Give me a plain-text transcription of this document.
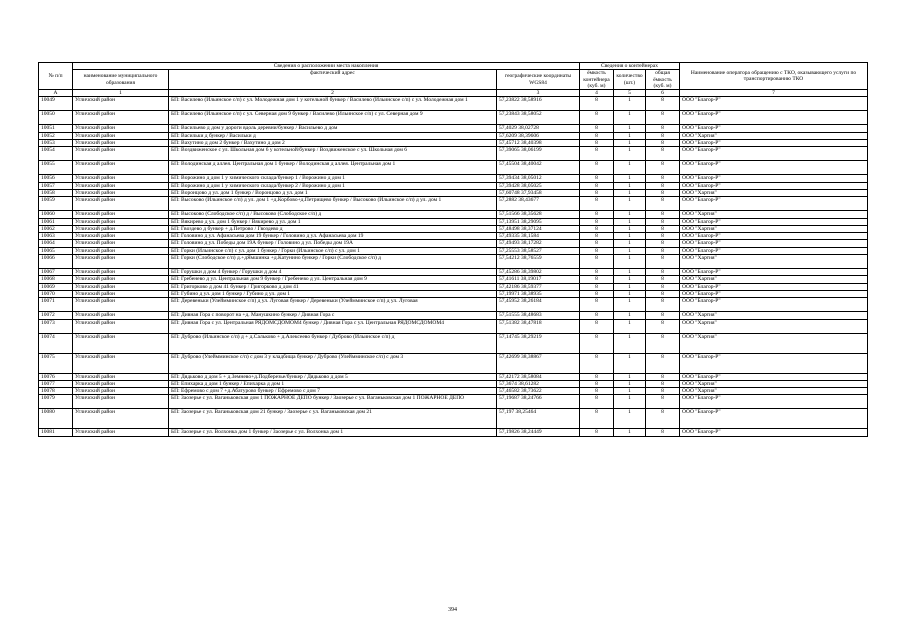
№ п/п	Сведения о расположении места накопления			Сведения о контейнерах			Наименование оператора обращению с ТКО, оказывающего услуги по транспортированию ТКО
	наименование муниципального образования	фактический адрес	географические координаты WGS84	ёмкость контейнера (куб. м)	количество (шт.)	общая ёмкость (куб. м)	
A	1	2	3	4	5	6	7
10049	Угличский район	БП: Василево (Ильинское с/п) с ул. Молодежная дом 1 у котельной бункер / Василево (Ильинское с/п) с ул. Молодежная дом 1	57,23822 38,58916	8	1	8	ООО "Благор-Р"
10050	Угличский район	БП: Василево (Ильинское с/п) с ул. Северная дом 9 бункер / Василево (Ильинское с/п) с ул. Северная дом 9	57,23843 38,58052	8	1	8	ООО "Благор-Р"
10051	Угличский район	БП: Васильево д дом у дороги вдоль деревни/бункер / Васильево д дом	57,4029 38,02728	8	1	8	ООО "Благор-Р"
10052	Угличский район	БП: Васильки д бункер / Васильки д	57,6209 38,39606	8	1	8	ООО "Хартия"
10053	Угличский район	БП: Вахутино д дом 2 бункер / Вахутино д дом 2	57,45712 38,40398	8	1	8	ООО "Благор-Р"
10054	Угличский район	БП: Воздвиженское с ул. Школьная дом 6 у котельной/бункер / Воздвиженское с ул. Школьная дом 6	57,39065 38,06199	8	1	8	ООО "Благор-Р"
10055	Угличский район	БП: Володинская д аллея. Центральная дом 1 бункер / Володинская д аллея. Центральная дом 1	57,45504 38,40042	8	1	8	ООО "Благор-Р"
10056	Угличский район	БП: Ворожино д дом 1 у химического склада/бункер 1 / Ворожино д дом 1	57,39434 38,05012	8	1	8	ООО "Благор-Р"
10057	Угличский район	БП: Ворожино д дом 1 у химического склада/бункер 2 / Ворожино д дом 1	57,39428 38,05025	8	1	8	ООО "Благор-Р"
10058	Угличский район	БП: Воронцово д ул. дом 1 бункер / Воронцово д ул. дом 1	57,60748 37,93458	8	1	8	ООО "Хартия"
10059	Угличский район	БП: Высоково (Ильинское с/п) д ул. дом 1 +д.Корбово+д.Петрищево бункер / Высоково (Ильинское с/п) д ул. дом 1	57,2882 38,43677	8	1	8	ООО "Благор-Р"
10060	Угличский район	БП: Высоково (Слободское с/п) д / Высоково (Слободское с/п) д	57,51566 38,35628	8	1	8	ООО "Хартия"
10061	Угличский район	БП: Вякирево д ул. дом 1 бункер / Вякирево д ул. дом 1	57,13951 38,29095	8	1	8	ООО "Благор-Р"
10062	Угличский район	БП: Гвоздево д бункер + д.Петрово / Гвоздево д	57,48498 38,37124	8	1	8	ООО "Хартия"
10063	Угличский район	БП: Головино д ул. Афанасьева дом 19 бункер / Головино д ул. Афанасьева дом 19	57,49335 38,1584	8	1	8	ООО "Благор-Р"
10064	Угличский район	БП: Головино д ул. Победы дом 19А бункер / Головино д ул. Победы дом 19А	57,49493 38,17282	8	1	8	ООО "Благор-Р"
10065	Угличский район	БП: Горки (Ильинское с/п) с ул. дом 1 бункер / Горки (Ильинское с/п) с ул. дом 1	57,25553 38,58527	8	1	8	ООО "Благор-Р"
10066	Угличский район	БП: Горки (Слободское с/п) д.+дЯмшинка +д.Катунино бункер / Горки (Слободское с/п) д	57,54212 38,76559	8	1	8	ООО "Хартия"
10067	Угличский район	БП: Горушки д дом 4 бункер / Горушки д дом 4	57,45286 38,39802	8	1	8	ООО "Благор-Р"
10068	Угличский район	БП: Гребенево д ул. Центральная дом 9 бункер / Гребенево д ул. Центральная дом 9	57,41611 38,19017	8	1	8	ООО "Хартия"
10069	Угличский район	БП: Григорково д дом 41 бункер / Григорково д дом 41	57,42186 38,59377	8	1	8	ООО "Благор-Р"
10070	Угличский район	БП: Губино д ул. дом 1 бункер / Губино д ул. дом 1	57,19971 38,38935	8	1	8	ООО "Благор-Р"
10071	Угличский район	БП: Деревеньки (Улеймминское с/п) д ул. Луговая бункер / Деревеньки (Улеймминское с/п) д ул. Луговая	57,45952 38,26184	8	1	8	ООО "Благор-Р"
10072	Угличский район	БП: Дивная Гора с поворот на +д. Манушкино бункер / Дивная Гора с	57,51555 38,48683	8	1	8	ООО "Хартия"
10073	Угличский район	БП: Дивная Гора с ул. Центральная РЯДОМСДОМОМ4 бункер / Дивная Гора с ул. Центральная РЯДОМСДОМОМ4	57,51382 38,47818	8	1	8	ООО "Хартия"
10074	Угличский район	БП: Дуброво (Ильинское с/п) д + д.Сальково + д.Алексеево бункер / Дуброво (Ильинское с/п) д	57,14745 38,29219	8	1	8	ООО "Хартия"
10075	Угличский район	БП: Дуброво (Улеймминское с/п) с дом 3 у кладбища бункер / Дуброво (Улеймминское с/п) с дом 3	57,42699 38,38867	8	1	8	ООО "Благор-Р"
10076	Угличский район	БП: Дядьково д дом 5 + д.Земнево+д.Подберезье/бункер / Дядьково д дом 5	57,42172 38,58084	8	1	8	ООО "Благор-Р"
10077	Угличский район	БП: Епихарка д дом 1 бункер / Епихарка д дом 1	57,3674 38,61282	8	1	8	ООО "Хартия"
10078	Угличский район	БП: Ефремово с дом 7 +д.Абатурово бункер / Ефремово с дом 7	57,46582 38,73622	8	1	8	ООО "Хартия"
10079	Угличский район	БП: Заозерье с ул. Ваганьковская дом 1 ПОЖАРНОЕ ДЕПО бункер / Заозерье с ул. Ваганьковская дом 1 ПОЖАРНОЕ ДЕПО	57,19687 38,24766	8	1	8	ООО "Благор-Р"
10080	Угличский район	БП: Заозерье с ул. Ваганьковская дом 21 бункер / Заозерье с ул. Ваганьковская дом 21	57,197 38,25464	8	1	8	ООО "Благор-Р"
10081	Угличский район	БП: Заозерье с ул. Волхонка дом 1 бункер / Заозерье с ул. Волхонка дом 1	57,19826 38,24449	8	1	8	ООО "Благор-Р"
394
